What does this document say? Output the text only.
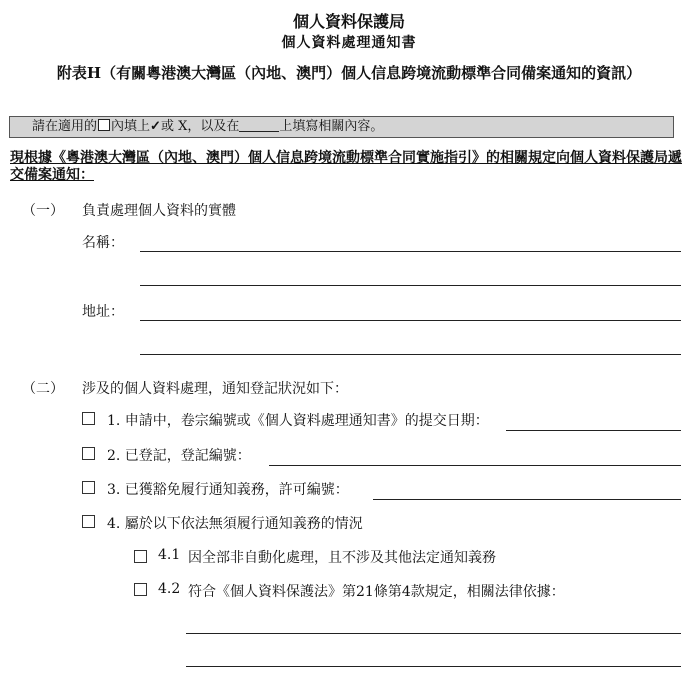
個人資料保護局
個人資料處理通知書
附表H（有關粵港澳大灣區（內地、澳門）個人信息跨境流動標準合同備案通知的資訊）
請在適用的 內填上✓或 X，以及在	上填寫相關內容。
現根據《粵港澳大灣區（內地、澳門）個人信息跨境流動標準合同實施指引》的相關規定向個人資料保護局遞交備案通知：
（一） 負責處理個人資料的實體
名稱：
地址：
（二） 涉及的個人資料處理，通知登記狀況如下：
1. 申請中，卷宗編號或《個人資料處理通知書》的提交日期：
2. 已登記，登記編號：
3. 已獲豁免履行通知義務，許可編號：
4. 屬於以下依法無須履行通知義務的情況
4.1 因全部非自動化處理，且不涉及其他法定通知義務
4.2 符合《個人資料保護法》第21條第4款規定，相關法律依據：
